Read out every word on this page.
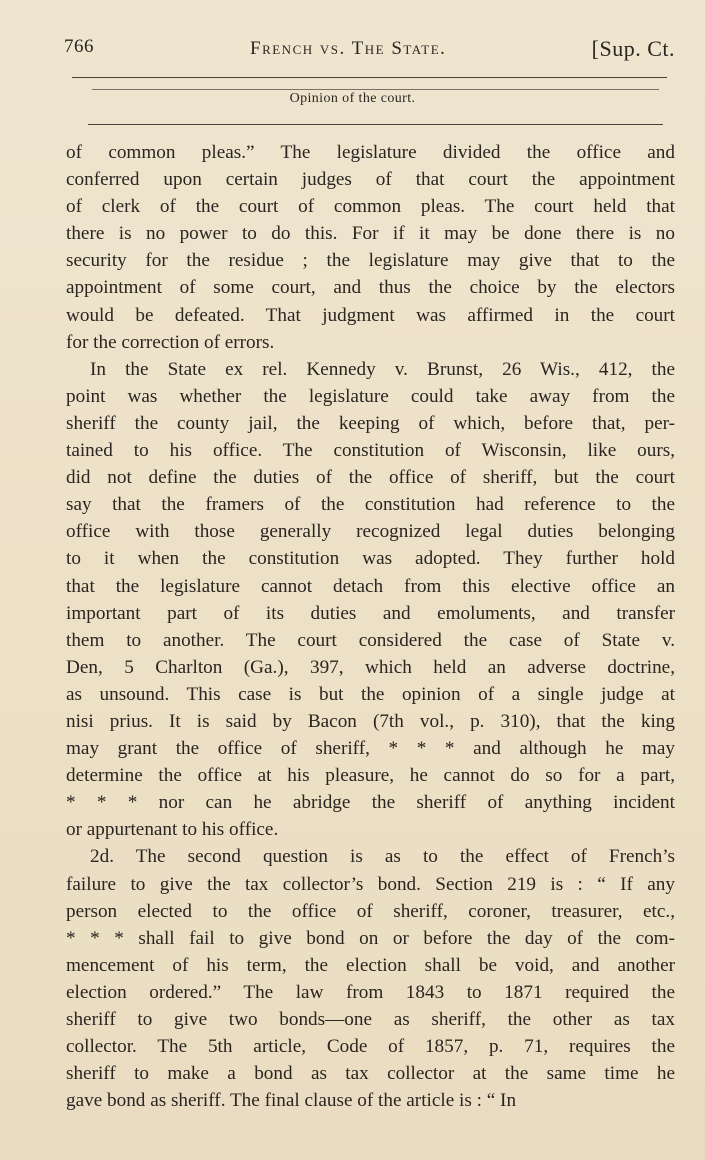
766	French vs. The State.	[Sup. Ct.
Opinion of the court.
of common pleas.” The legislature divided the office and
conferred upon certain judges of that court the appointment
of clerk of the court of common pleas. The court held that
there is no power to do this. For if it may be done there is no
security for the residue ; the legislature may give that to the
appointment of some court, and thus the choice by the electors
would be defeated. That judgment was affirmed in the court
for the correction of errors.
In the State ex rel. Kennedy v. Brunst, 26 Wis., 412, the
point was whether the legislature could take away from the
sheriff the county jail, the keeping of which, before that, per-
tained to his office. The constitution of Wisconsin, like ours,
did not define the duties of the office of sheriff, but the court
say that the framers of the constitution had reference to the
office with those generally recognized legal duties belonging
to it when the constitution was adopted. They further hold
that the legislature cannot detach from this elective office an
important part of its duties and emoluments, and transfer
them to another. The court considered the case of State v.
Den, 5 Charlton (Ga.), 397, which held an adverse doctrine,
as unsound. This case is but the opinion of a single judge at
nisi prius. It is said by Bacon (7th vol., p. 310), that the king
may grant the office of sheriff, * * * and although he may
determine the office at his pleasure, he cannot do so for a part,
* * * nor can he abridge the sheriff of anything incident
or appurtenant to his office.
2d. The second question is as to the effect of French’s
failure to give the tax collector’s bond. Section 219 is : “ If any
person elected to the office of sheriff, coroner, treasurer, etc.,
* * * shall fail to give bond on or before the day of the com-
mencement of his term, the election shall be void, and another
election ordered.” The law from 1843 to 1871 required the
sheriff to give two bonds—one as sheriff, the other as tax
collector. The 5th article, Code of 1857, p. 71, requires the
sheriff to make a bond as tax collector at the same time he
gave bond as sheriff. The final clause of the article is : “ In
